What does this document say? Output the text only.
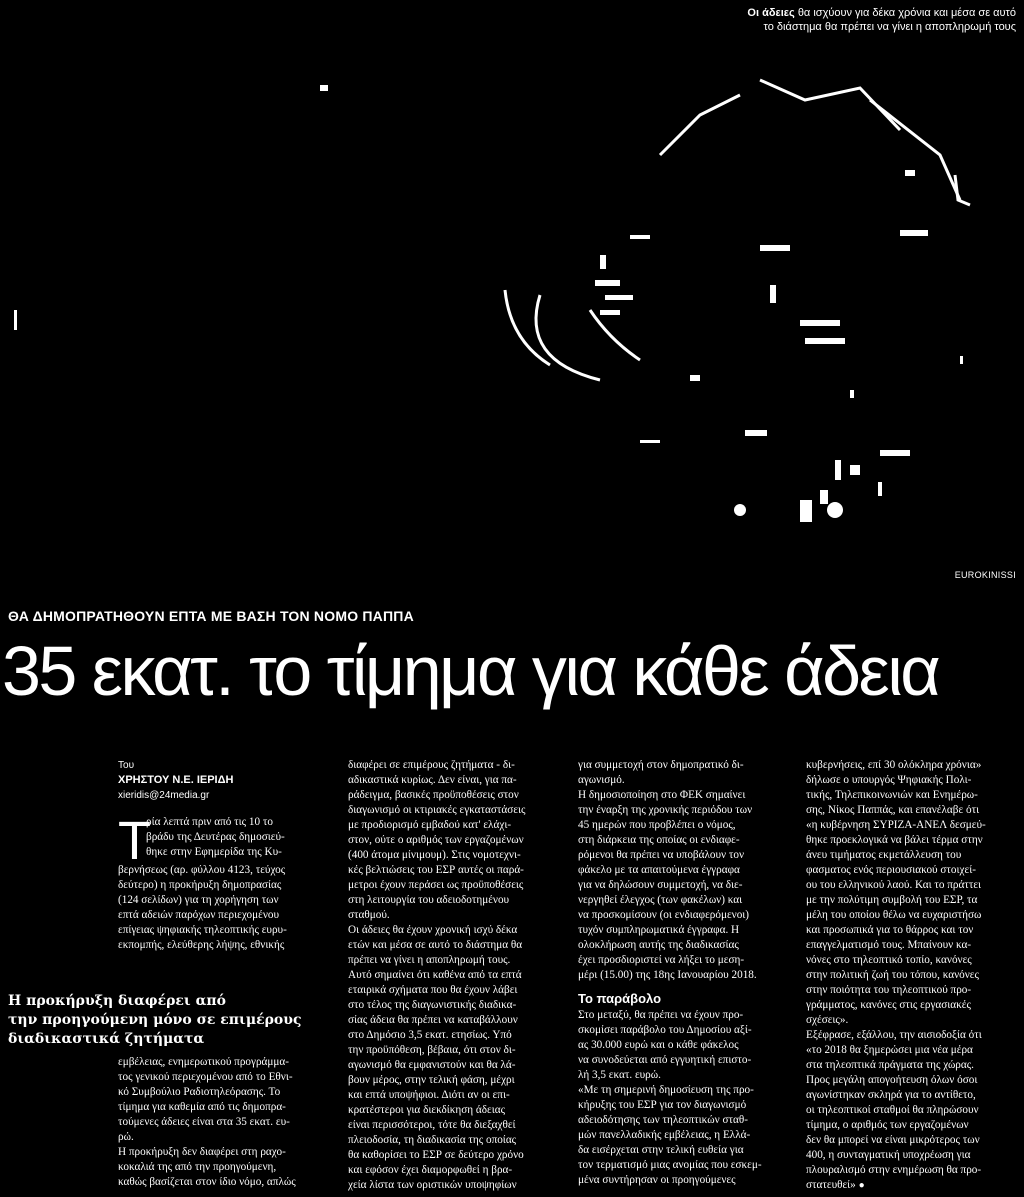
Οι άδειες θα ισχύουν για δέκα χρόνια και μέσα σε αυτό
το διάστημα θα πρέπει να γίνει η αποπληρωμή τους
EUROKINISSI
ΘΑ ΔΗΜΟΠΡΑΤΗΘΟΥΝ ΕΠΤΑ ΜΕ ΒΑΣΗ ΤΟΝ ΝΟΜΟ ΠΑΠΠΑ
35 εκατ. το τίμημα για κάθε άδεια
Η προκήρυξη διαφέρει από
την προηγούμενη μόνο σε επιμέρους
διαδικαστικά ζητήματα
Του
ΧΡΗΣΤΟΥ Ν.Ε. ΙΕΡΙΔΗ
xieridis@24media.gr
Τ
ρία λεπτά πριν από τις 10 το
βράδυ της Δευτέρας δημοσιεύ-
θηκε στην Εφημερίδα της Κυ-
βερνήσεως (αρ. φύλλου 4123, τεύχος
δεύτερο) η προκήρυξη δημοπρασίας
(124 σελίδων) για τη χορήγηση των
επτά αδειών παρόχων περιεχομένου
επίγειας ψηφιακής τηλεοπτικής ευρυ-
εκπομπής, ελεύθερης λήψης, εθνικής
εμβέλειας, ενημερωτικού προγράμμα-
τος γενικού περιεχομένου από το Εθνι-
κό Συμβούλιο Ραδιοτηλεόρασης. Το
τίμημα για καθεμία από τις δημοπρα-
τούμενες άδειες είναι στα 35 εκατ. ευ-
ρώ.
Η προκήρυξη δεν διαφέρει στη ραχο-
κοκαλιά της από την προηγούμενη,
καθώς βασίζεται στον ίδιο νόμο, απλώς
διαφέρει σε επιμέρους ζητήματα - δι-
αδικαστικά κυρίως. Δεν είναι, για πα-
ράδειγμα, βασικές προϋποθέσεις στον
διαγωνισμό οι κτιριακές εγκαταστάσεις
με προδιορισμό εμβαδού κατ' ελάχι-
στον, ούτε ο αριθμός των εργαζομένων
(400 άτομα μίνιμουμ). Στις νομοτεχνι-
κές βελτιώσεις του ΕΣΡ αυτές οι παρά-
μετροι έχουν περάσει ως προϋποθέσεις
στη λειτουργία του αδειοδοτημένου
σταθμού.
Οι άδειες θα έχουν χρονική ισχύ δέκα
ετών και μέσα σε αυτό το διάστημα θα
πρέπει να γίνει η αποπληρωμή τους.
Αυτό σημαίνει ότι καθένα από τα επτά
εταιρικά σχήματα που θα έχουν λάβει
στο τέλος της διαγωνιστικής διαδικα-
σίας άδεια θα πρέπει να καταβάλλουν
στο Δημόσιο 3,5 εκατ. ετησίως. Υπό
την προϋπόθεση, βέβαια, ότι στον δι-
αγωνισμό θα εμφανιστούν και θα λά-
βουν μέρος, στην τελική φάση, μέχρι
και επτά υποψήφιοι. Διότι αν οι επι-
κρατέστεροι για διεκδίκηση άδειας
είναι περισσότεροι, τότε θα διεξαχθεί
πλειοδοσία, τη διαδικασία της οποίας
θα καθορίσει το ΕΣΡ σε δεύτερο χρόνο
και εφόσον έχει διαμορφωθεί η βρα-
χεία λίστα των οριστικών υποψηφίων
για συμμετοχή στον δημοπρατικό δι-
αγωνισμό.
Η δημοσιοποίηση στο ΦΕΚ σημαίνει
την έναρξη της χρονικής περιόδου των
45 ημερών που προβλέπει ο νόμος,
στη διάρκεια της οποίας οι ενδιαφε-
ρόμενοι θα πρέπει να υποβάλουν τον
φάκελο με τα απαιτούμενα έγγραφα
για να δηλώσουν συμμετοχή, να διε-
νεργηθεί έλεγχος (των φακέλων) και
να προσκομίσουν (οι ενδιαφερόμενοι)
τυχόν συμπληρωματικά έγγραφα. Η
ολοκλήρωση αυτής της διαδικασίας
έχει προσδιοριστεί να λήξει το μεση-
μέρι (15.00) της 18ης Ιανουαρίου 2018.
Το παράβολο
Στο μεταξύ, θα πρέπει να έχουν προ-
σκομίσει παράβολο του Δημοσίου αξί-
ας 30.000 ευρώ και ο κάθε φάκελος
να συνοδεύεται από εγγυητική επιστο-
λή 3,5 εκατ. ευρώ.
«Με τη σημερινή δημοσίευση της προ-
κήρυξης του ΕΣΡ για τον διαγωνισμό
αδειοδότησης των τηλεοπτικών σταθ-
μών πανελλαδικής εμβέλειας, η Ελλά-
δα εισέρχεται στην τελική ευθεία για
τον τερματισμό μιας ανομίας που εσκεμ-
μένα συντήρησαν οι προηγούμενες
κυβερνήσεις, επί 30 ολόκληρα χρόνια»
δήλωσε ο υπουργός Ψηφιακής Πολι-
τικής, Τηλεπικοινωνιών και Ενημέρω-
σης, Νίκος Παππάς, και επανέλαβε ότι
«η κυβέρνηση ΣΥΡΙΖΑ-ΑΝΕΛ δεσμεύ-
θηκε προεκλογικά να βάλει τέρμα στην
άνευ τιμήματος εκμετάλλευση του
φασματος ενός περιουσιακού στοιχεί-
ου του ελληνικού λαού. Και το πράττει
με την πολύτιμη συμβολή του ΕΣΡ, τα
μέλη του οποίου θέλω να ευχαριστήσω
και προσωπικά για το θάρρος και τον
επαγγελματισμό τους. Μπαίνουν κα-
νόνες στο τηλεοπτικό τοπίο, κανόνες
στην πολιτική ζωή του τόπου, κανόνες
στην ποιότητα του τηλεοπτικού προ-
γράμματος, κανόνες στις εργασιακές
σχέσεις».
Εξέφρασε, εξάλλου, την αισιοδοξία ότι
«το 2018 θα ξημερώσει μια νέα μέρα
στα τηλεοπτικά πράγματα της χώρας.
Προς μεγάλη απογοήτευση όλων όσοι
αγωνίστηκαν σκληρά για το αντίθετο,
οι τηλεοπτικοί σταθμοί θα πληρώσουν
τίμημα, ο αριθμός των εργαζομένων
δεν θα μπορεί να είναι μικρότερος των
400, η συνταγματική υποχρέωση για
πλουραλισμό στην ενημέρωση θα προ-
στατευθεί» ●
